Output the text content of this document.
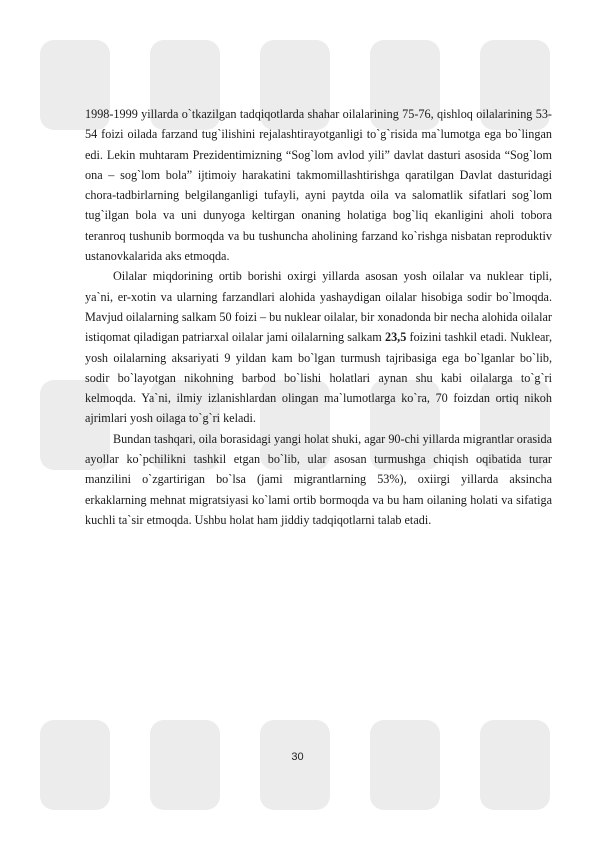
1998-1999 yillarda o`tkazilgan tadqiqotlarda shahar oilalarining 75-76, qishloq oilalarining 53-54 foizi oilada farzand tug`ilishini rejalashtirayotganligi to`g`risida ma`lumotga ega bo`lingan edi. Lekin muhtaram Prezidentimizning “Sog`lom avlod yili” davlat dasturi asosida “Sog`lom ona – sog`lom bola” ijtimoiy harakatini takmomillashtirishga qaratilgan Davlat dasturidagi chora-tadbirlarning belgilanganligi tufayli, ayni paytda oila va salomatlik sifatlari sog`lom tug`ilgan bola va uni dunyoga keltirgan onaning holatiga bog`liq ekanligini aholi tobora teranroq tushunib bormoqda va bu tushuncha aholining farzand ko`rishga nisbatan reproduktiv ustanovkalarida aks etmoqda.

Oilalar miqdorining ortib borishi oxirgi yillarda asosan yosh oilalar va nuklear tipli, ya`ni, er-xotin va ularning farzandlari alohida yashaydigan oilalar hisobiga sodir bo`lmoqda. Mavjud oilalarning salkam 50 foizi – bu nuklear oilalar, bir xonadonda bir necha alohida oilalar istiqomat qiladigan patriarxal oilalar jami oilalarning salkam 23,5 foizini tashkil etadi. Nuklear, yosh oilalarning aksariyati 9 yildan kam bo`lgan turmush tajribasiga ega bo`lganlar bo`lib, sodir bo`layotgan nikohning barbod bo`lishi holatlari aynan shu kabi oilalarga to`g`ri kelmoqda. Ya`ni, ilmiy izlanishlardan olingan ma`lumotlarga ko`ra, 70 foizdan ortiq nikoh ajrimlari yosh oilaga to`g`ri keladi.

Bundan tashqari, oila borasidagi yangi holat shuki, agar 90-chi yillarda migrantlar orasida ayollar ko`pchilikni tashkil etgan bo`lib, ular asosan turmushga chiqish oqibatida turar manzilini o`zgartirigan bo`lsa (jami migrantlarning 53%), oxiirgi yillarda aksincha erkaklarning mehnat migratsiyasi ko`lami ortib bormoqda va bu ham oilaning holati va sifatiga kuchli ta`sir etmoqda. Ushbu holat ham jiddiy tadqiqotlarni talab etadi.

30
